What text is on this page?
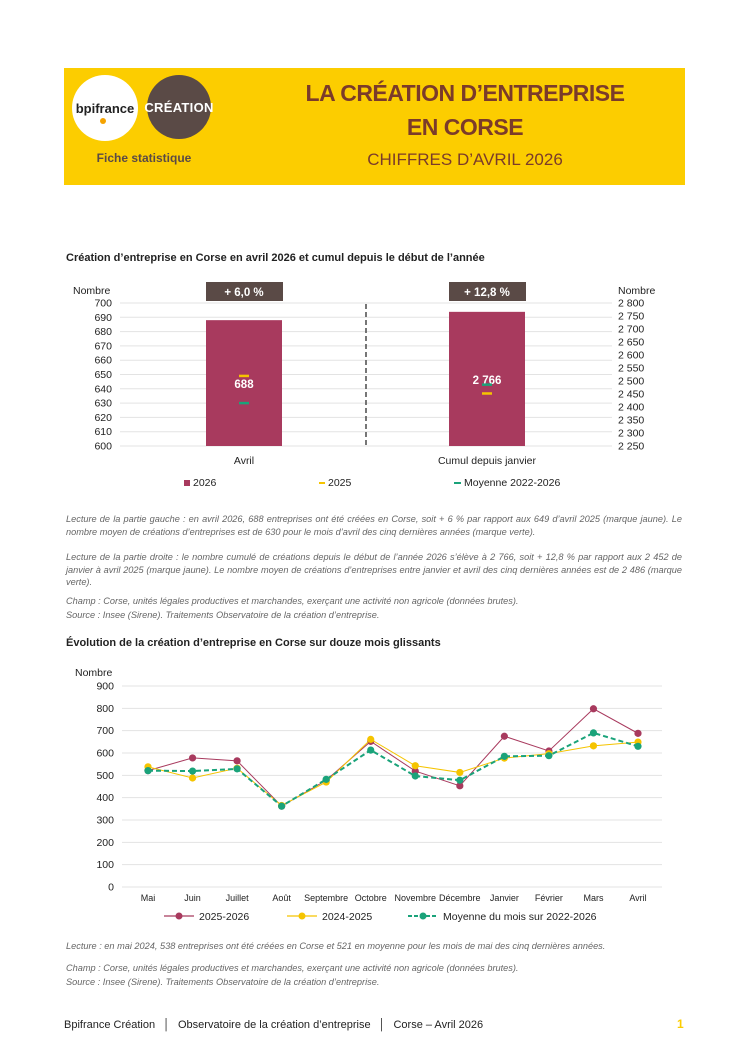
bpifrance CRÉATION
Fiche statistique
LA CRÉATION D’ENTREPRISE
EN CORSE
CHIFFRES D’AVRIL 2026
Création d’entreprise en Corse en avril 2026 et cumul depuis le début de l’année
600
610
620
630
640
650
660
670
680
690
700
2 250
2 300
2 350
2 400
2 450
2 500
2 550
2 600
2 650
2 700
2 750
2 800
Nombre	Nombre
688
+ 6,0 %
Avril
2 766
+ 12,8 %
Cumul depuis janvier
2026	2025	Moyenne 2022-2026
Lecture de la partie gauche : en avril 2026, 688 entreprises ont été créées en Corse, soit + 6 % par rapport aux 649 d’avril 2025 (marque jaune). Le nombre moyen de créations d’entreprises est de 630 pour le mois d’avril des cinq dernières années (marque verte).
Lecture de la partie droite : le nombre cumulé de créations depuis le début de l’année 2026 s’élève à 2 766, soit + 12,8 % par rapport aux 2 452 de janvier à avril 2025 (marque jaune). Le nombre moyen de créations d’entreprises entre janvier et avril des cinq dernières années est de 2 486 (marque verte).
Champ : Corse, unités légales productives et marchandes, exerçant une activité non agricole (données brutes).
Source : Insee (Sirene). Traitements Observatoire de la création d’entreprise.
Évolution de la création d’entreprise en Corse sur douze mois glissants
0
100
200
300
400
500
600
700
800
900
Nombre
Mai	Juin	Juillet	Août Septembre Octobre Novembre Décembre Janvier Février Mars	Avril
2025-2026	2024-2025	Moyenne du mois sur 2022-2026
Lecture : en mai 2024, 538 entreprises ont été créées en Corse et 521 en moyenne pour les mois de mai des cinq dernières années.
Champ : Corse, unités légales productives et marchandes, exerçant une activité non agricole (données brutes).
Source : Insee (Sirene). Traitements Observatoire de la création d’entreprise.
Bpifrance Création │ Observatoire de la création d’entreprise │ Corse – Avril 2026	1
